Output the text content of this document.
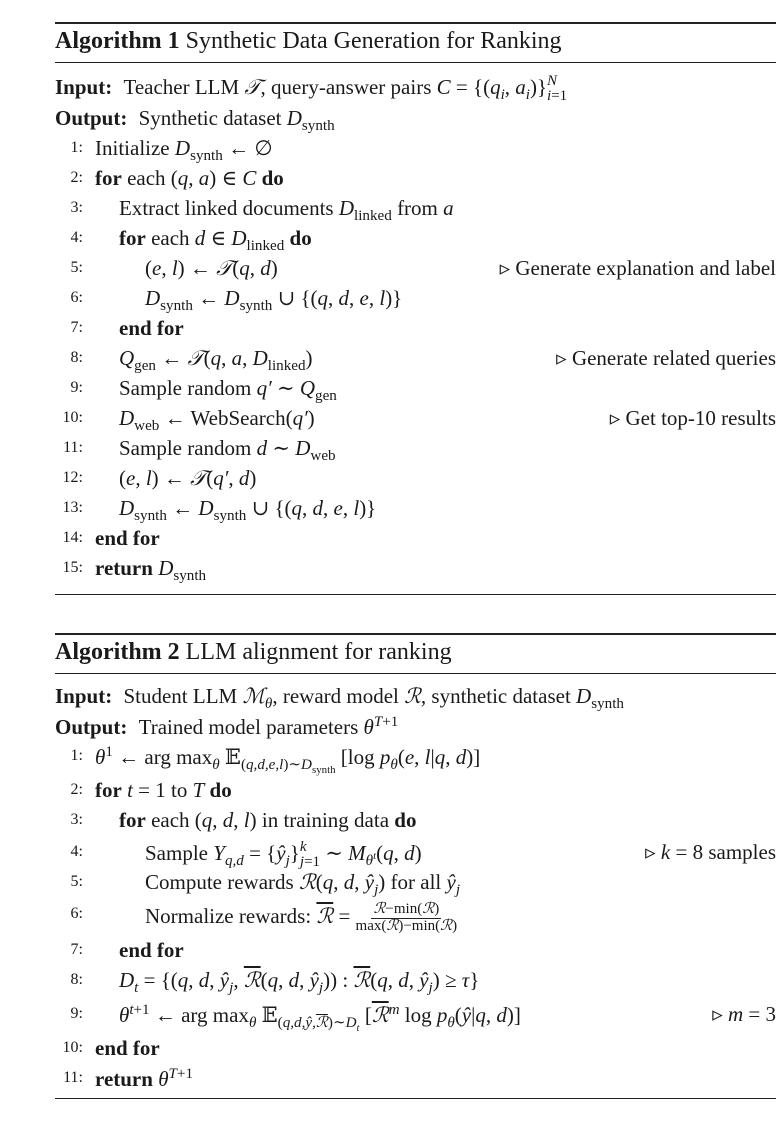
Algorithm 1 Synthetic Data Generation for Ranking
Input: Teacher LLM 𝒯, query-answer pairs $C = \{(q_i$, $a_i$)} N
i=1
Output: Synthetic dataset $D_{synth}$
1: Initialize $D_{synth}$ ← ∅
2: for each (q, a) ∈ C do
3: Extract linked documents $D_{linked}$ from a
4: for each d ∈ $D_{linked}$ do
5:	(e, l) ← 𝒯(q, d)	▹ Generate explanation and label
6:	$D_{synth}$ ← $D_{synth}$ ∪ {(q, d, e, l)}
7: end for
8: $Q_{gen}$ ← 𝒯(q, a, $D_{linked}$)	▹ Generate related queries
9: Sample random q′ ∼ $Q_{gen}$
10: $D_{web}$ ← WebSearch(q′)	▹ Get top-10 results
11: Sample random d ∼ $D_{web}$
12: (e, l) ← 𝒯(q′, d)
13: $D_{synth}$ ← $D_{synth}$ ∪ {(q, d, e, l)}
14: end for
15: return $D_{synth}$
Algorithm 2 LLM alignment for ranking
Input: Student LLM ℳ$_\theta$, reward model ℛ, synthetic dataset $D_{synth}$
Output: Trained model parameters $\theta^{T+1}$
1: $\theta^1$ ← arg $\max_\theta$ 𝔼$_{(q,d,e,l)\sim D_{synth}}$ [log $p_\theta(e$, l|q, d)]
2: for t = 1 to T do
3: for each (q, d, l) in training data do
4:	Sample $Y_{q,d}$ = $\{ŷ_j\}$ k
j=1 ∼ $M_{\theta^t}(q$, d)	▹ k = 8 samples
5:	Compute rewards ℛ(q, d, $ŷ_j$) for all $ŷ_j$
6:	Normalize rewards: ℛ = $\frac{\text{ℛ−min(ℛ)}}{\text{max(ℛ)−min(ℛ)}}$
7: end for
8: $D_t = \{(q$, d, $ŷ_j$, ℛ(q, d, $ŷ_j$)) : ℛ(q, d, $ŷ_j) \ge \tau$}
9: $\theta^{t+1}$ ← arg $\max_\theta$ 𝔼$_{(q,d,ŷ,ℛ)\sim D_t}$ [ℛ$^m$ $\log p_\theta(ŷ|q$, d)]	▹ m = 3
10: end for
11: return $\theta^{T+1}$
